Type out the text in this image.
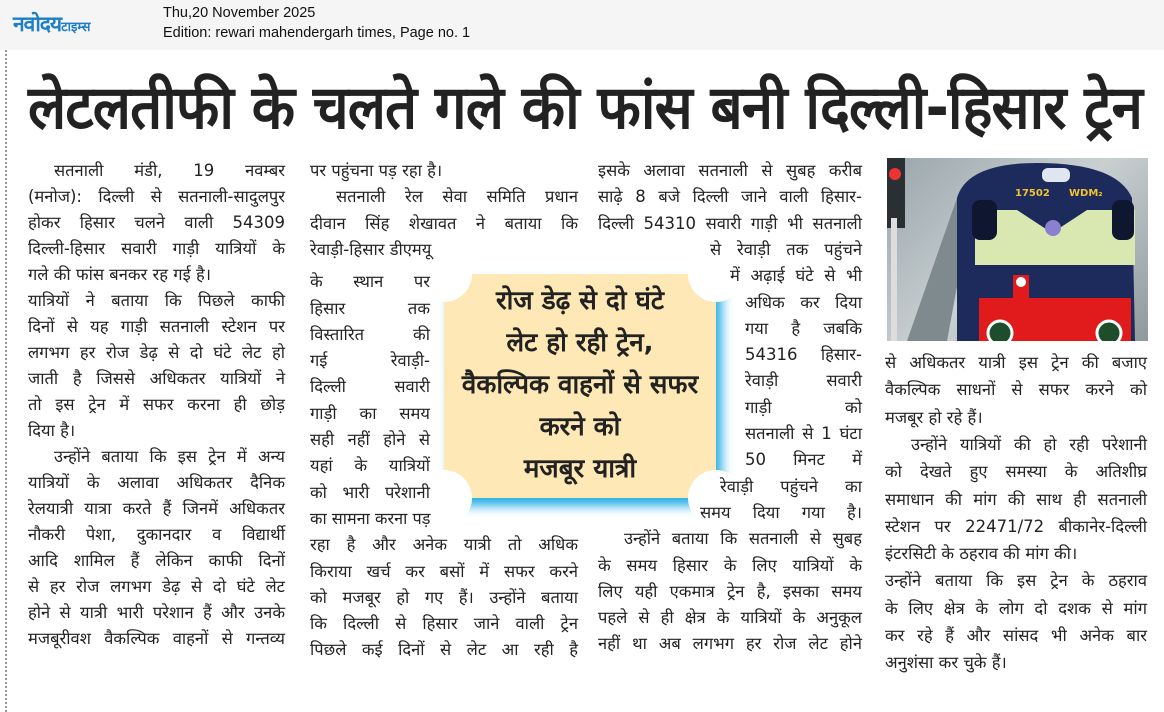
नवोदयटाइम्स
Thu,20 November 2025
Edition: rewari mahendergarh times, Page no. 1
लेटलतीफी के चलते गले की फांस बनी दिल्ली-हिसार ट्रेन
रोज डेढ़ से दो घंटे
लेट हो रही ट्रेन,
वैकल्पिक वाहनों से सफर
करने को
मजबूर यात्री
सतनाली मंडी, 19 नवम्बर
(मनोज): दिल्ली से सतनाली-सादुलपुर
होकर हिसार चलने वाली 54309
दिल्ली-हिसार सवारी गाड़ी यात्रियों के
गले की फांस बनकर रह गई है।
यात्रियों ने बताया कि पिछले काफी
दिनों से यह गाड़ी सतनाली स्टेशन पर
लगभग हर रोज डेढ़ से दो घंटे लेट हो
जाती है जिससे अधिकतर यात्रियों ने
तो इस ट्रेन में सफर करना ही छोड़
दिया है।
उन्होंने बताया कि इस ट्रेन में अन्य
यात्रियों के अलावा अधिकतर दैनिक
रेलयात्री यात्रा करते हैं जिनमें अधिकतर
नौकरी पेशा, दुकानदार व विद्यार्थी
आदि शामिल हैं लेकिन काफी दिनों
से हर रोज लगभग डेढ़ से दो घंटे लेट
होने से यात्री भारी परेशान हैं और उनके
मजबूरीवश वैकल्पिक वाहनों से गन्तव्य
पर पहुंचना पड़ रहा है।
सतनाली रेल सेवा समिति प्रधान
दीवान सिंह शेखावत ने बताया कि
रेवाड़ी-हिसार डीएमयू
के स्थान पर
हिसार तक
विस्तारित की
गई रेवाड़ी-
दिल्ली सवारी
गाड़ी का समय
सही नहीं होने से
यहां के यात्रियों
को भारी परेशानी
का सामना करना पड़
रहा है और अनेक यात्री तो अधिक
किराया खर्च कर बसों में सफर करने
को मजबूर हो गए हैं। उन्होंने बताया
कि दिल्ली से हिसार जाने वाली ट्रेन
पिछले कई दिनों से लेट आ रही है
इसके अलावा सतनाली से सुबह करीब
साढ़े 8 बजे दिल्ली जाने वाली हिसार-
दिल्ली 54310 सवारी गाड़ी भी सतनाली
से रेवाड़ी तक पहुंचने
में अढ़ाई घंटे से भी
अधिक कर दिया
गया है जबकि
54316 हिसार-
रेवाड़ी सवारी
गाड़ी को
सतनाली से 1 घंटा
50 मिनट में
रेवाड़ी पहुंचने का
समय दिया गया है।
उन्होंने बताया कि सतनाली से सुबह
के समय हिसार के लिए यात्रियों के
लिए यही एकमात्र ट्रेन है, इसका समय
पहले से ही क्षेत्र के यात्रियों के अनुकूल
नहीं था अब लगभग हर रोज लेट होने
से अधिकतर यात्री इस ट्रेन की बजाए
वैकल्पिक साधनों से सफर करने को
मजबूर हो रहे हैं।
उन्होंने यात्रियों की हो रही परेशानी
को देखते हुए समस्या के अतिशीघ्र
समाधान की मांग की साथ ही सतनाली
स्टेशन पर 22471/72 बीकानेर-दिल्ली
इंटरसिटी के ठहराव की मांग की।
उन्होंने बताया कि इस ट्रेन के ठहराव
के लिए क्षेत्र के लोग दो दशक से मांग
कर रहे हैं और सांसद भी अनेक बार
अनुशंसा कर चुके हैं।
17502 WDM₂
